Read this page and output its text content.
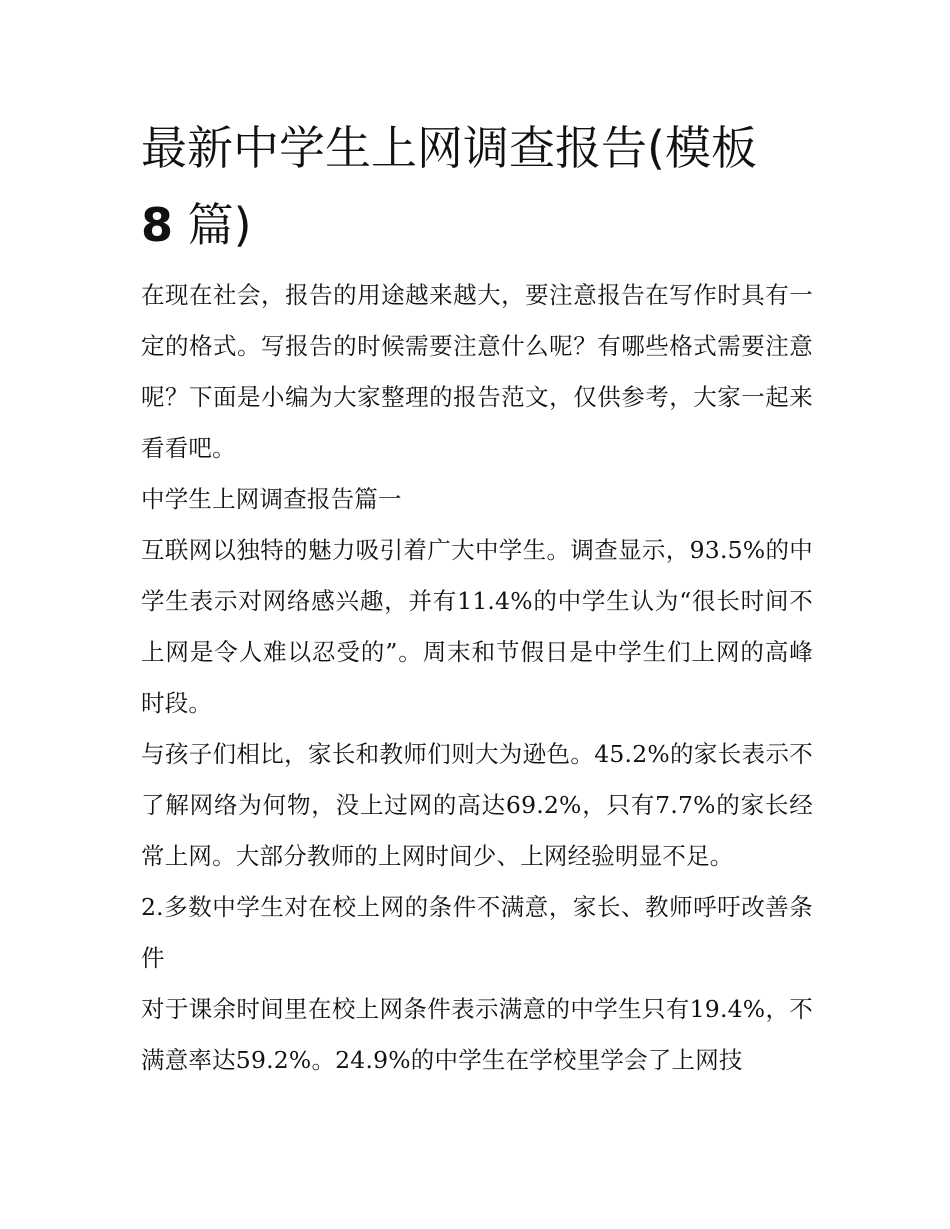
最新中学生上网调查报告(模板
8 篇)

在现在社会，报告的用途越来越大，要注意报告在写作时具有一定的格式。写报告的时候需要注意什么呢？有哪些格式需要注意呢？下面是小编为大家整理的报告范文，仅供参考，大家一起来看看吧。

中学生上网调查报告篇一

互联网以独特的魅力吸引着广大中学生。调查显示，93.5%的中学生表示对网络感兴趣，并有11.4%的中学生认为“很长时间不上网是令人难以忍受的”。周末和节假日是中学生们上网的高峰时段。

与孩子们相比，家长和教师们则大为逊色。45.2%的家长表示不了解网络为何物，没上过网的高达69.2%，只有7.7%的家长经常上网。大部分教师的上网时间少、上网经验明显不足。

2.多数中学生对在校上网的条件不满意，家长、教师呼吁改善条件

对于课余时间里在校上网条件表示满意的中学生只有19.4%，不满意率达59.2%。24.9%的中学生在学校里学会了上网技
